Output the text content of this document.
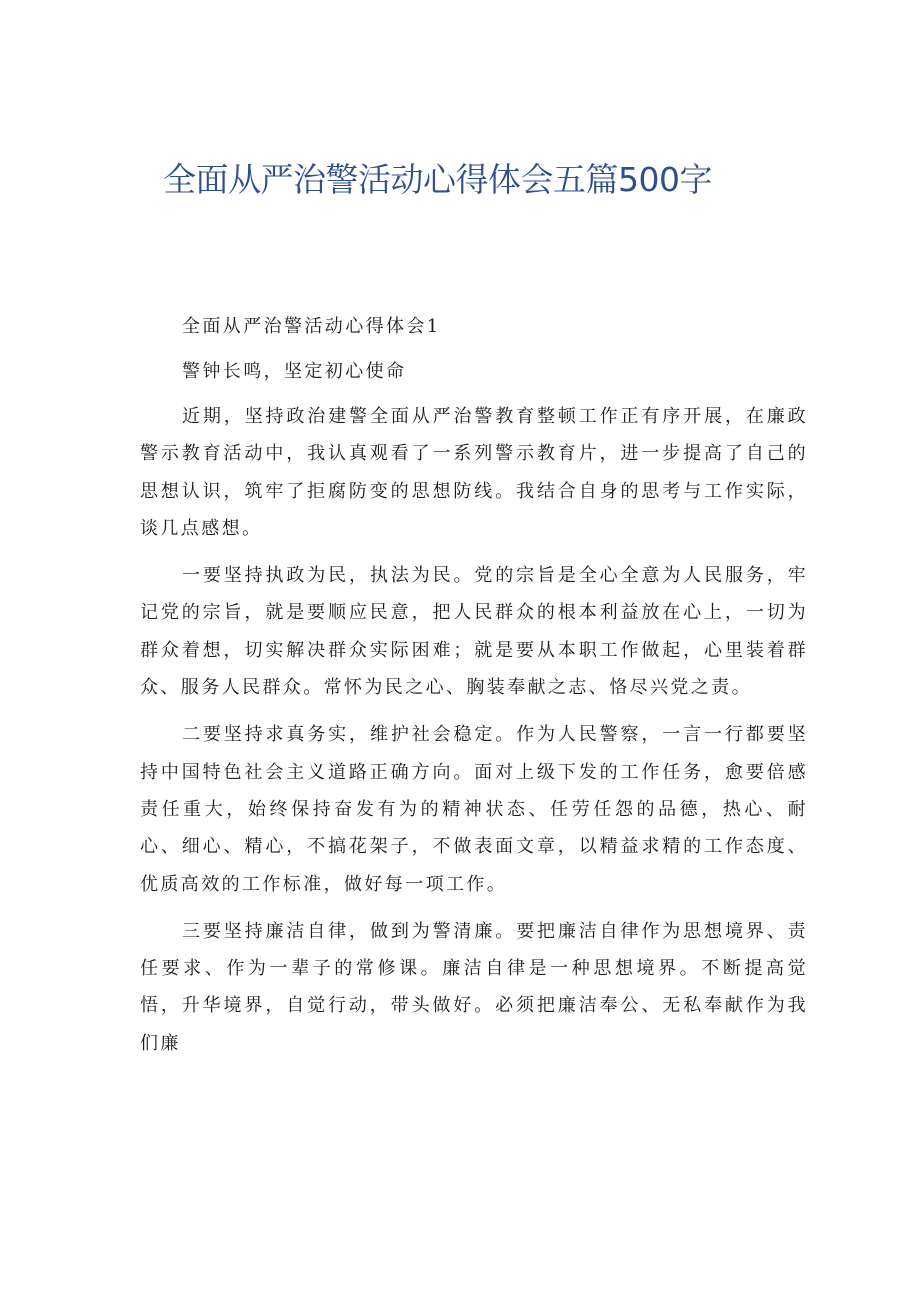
全面从严治警活动心得体会五篇500字

全面从严治警活动心得体会1

警钟长鸣，坚定初心使命

近期，坚持政治建警全面从严治警教育整顿工作正有序开展，在廉政警示教育活动中，我认真观看了一系列警示教育片，进一步提高了自己的思想认识，筑牢了拒腐防变的思想防线。我结合自身的思考与工作实际，谈几点感想。

一要坚持执政为民，执法为民。党的宗旨是全心全意为人民服务，牢记党的宗旨，就是要顺应民意，把人民群众的根本利益放在心上，一切为群众着想，切实解决群众实际困难；就是要从本职工作做起，心里装着群众、服务人民群众。常怀为民之心、胸装奉献之志、恪尽兴党之责。

二要坚持求真务实，维护社会稳定。作为人民警察，一言一行都要坚持中国特色社会主义道路正确方向。面对上级下发的工作任务，愈要倍感责任重大，始终保持奋发有为的精神状态、任劳任怨的品德，热心、耐心、细心、精心，不搞花架子，不做表面文章，以精益求精的工作态度、优质高效的工作标准，做好每一项工作。

三要坚持廉洁自律，做到为警清廉。要把廉洁自律作为思想境界、责任要求、作为一辈子的常修课。廉洁自律是一种思想境界。不断提高觉悟，升华境界，自觉行动，带头做好。必须把廉洁奉公、无私奉献作为我们廉
